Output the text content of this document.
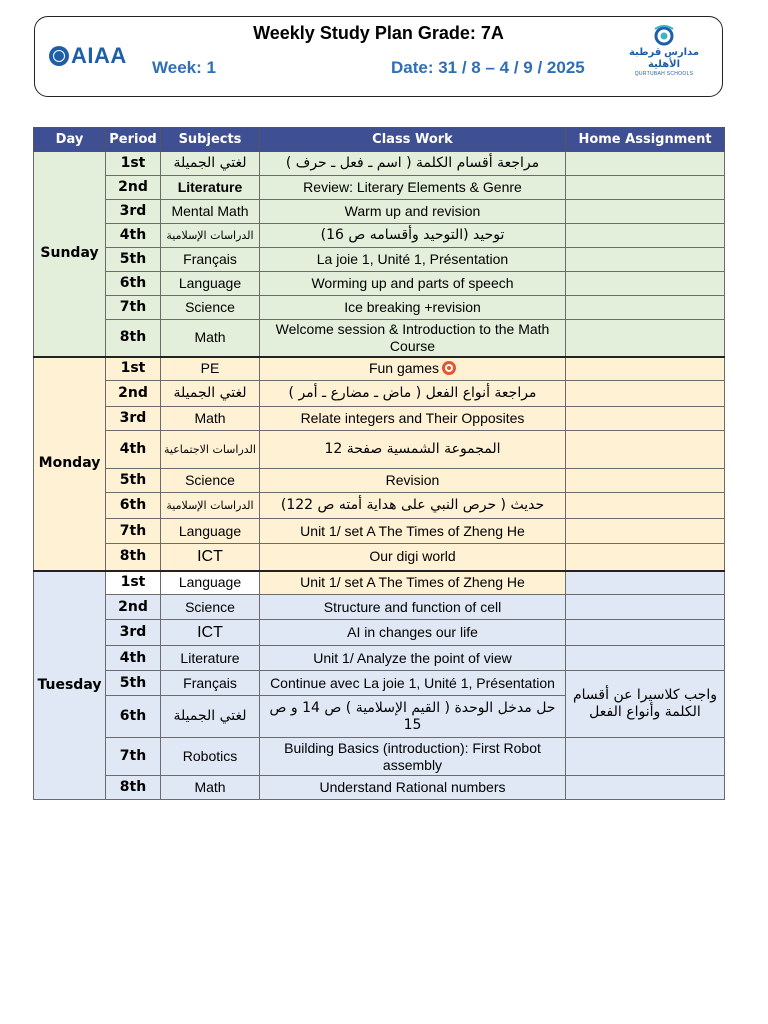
AIAA
Weekly Study Plan Grade: 7A
Week: 1	Date: 31 / 8 – 4 / 9 / 2025
مدارس قرطبة الأهلية
QURTUBAH SCHOOLS
Day	Period	Subjects	Class Work	Home Assignment
Sunday	1st	لغتي الجميلة	مراجعة أقسام الكلمة ( اسم ـ فعل ـ حرف )	
	2nd	Literature	Review: Literary Elements & Genre	
	3rd	Mental Math	Warm up and revision	
	4th	الدراسات الإسلامية	توحيد (التوحيد وأقسامه ص 16)	
	5th	Français	La joie 1, Unité 1, Présentation	
	6th	Language	Worming up and parts of speech	
	7th	Science	Ice breaking +revision	
	8th	Math	Welcome session & Introduction to the Math Course	
Monday	1st	PE	Fun games	
	2nd	لغتي الجميلة	مراجعة أنواع الفعل ( ماض ـ مضارع ـ أمر )	
	3rd	Math	Relate integers and Their Opposites	
	4th	الدراسات الاجتماعية	المجموعة الشمسية صفحة 12	
	5th	Science	Revision	
	6th	الدراسات الإسلامية	حديث ( حرص النبي على هداية أمته ص 122)	
	7th	Language	Unit 1/ set A The Times of Zheng He	
	8th	ICT	Our digi world	
Tuesday	1st	Language	Unit 1/ set A The Times of Zheng He	
	2nd	Science	Structure and function of cell	
	3rd	ICT	AI in changes our life	
	4th	Literature	Unit 1/ Analyze the point of view	
	5th	Français	Continue avec La joie 1, Unité 1, Présentation	واجب كلاسيرا عن أقسام الكلمة وأنواع الفعل
	6th	لغتي الجميلة	حل مدخل الوحدة ( القيم الإسلامية ) ص 14 و ص 15	
	7th	Robotics	Building Basics (introduction): First Robot assembly	
	8th	Math	Understand Rational numbers	
